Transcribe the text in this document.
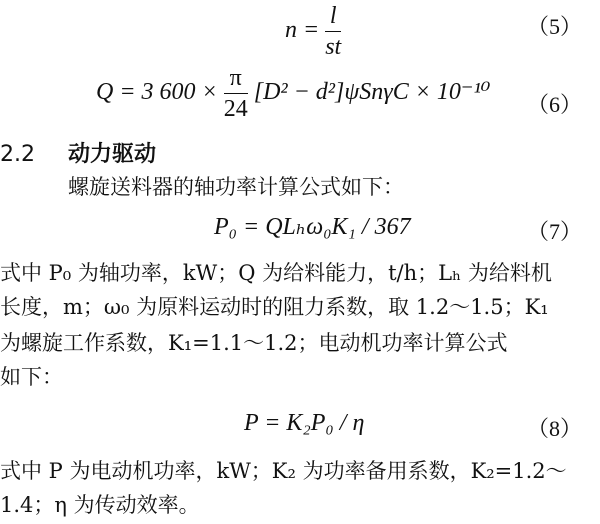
$n = \frac{l}{st}$	（5）
Q = 3 $600 \times \frac{\pi}{24} [D^2 - d^2]\psi Sn\gamma C \times 10^{-10}$ （6）
2.2 动力驱动
螺旋送料器的轴功率计算公式如下：
P₀ = QLₕω₀K₁ / 367	（7）
式中 P₀ 为轴功率，kW；Q 为给料能力，t/h；Lₕ 为给料机
长度，m；ω₀ 为原料运动时的阻力系数，取 1.2～1.5；K₁
为螺旋工作系数，K₁=1.1～1.2；电动机功率计算公式
如下：
P = K₂P₀ / η	（8）
式中 P 为电动机功率，kW；K₂ 为功率备用系数，K₂=1.2～
1.4；η 为传动效率。
